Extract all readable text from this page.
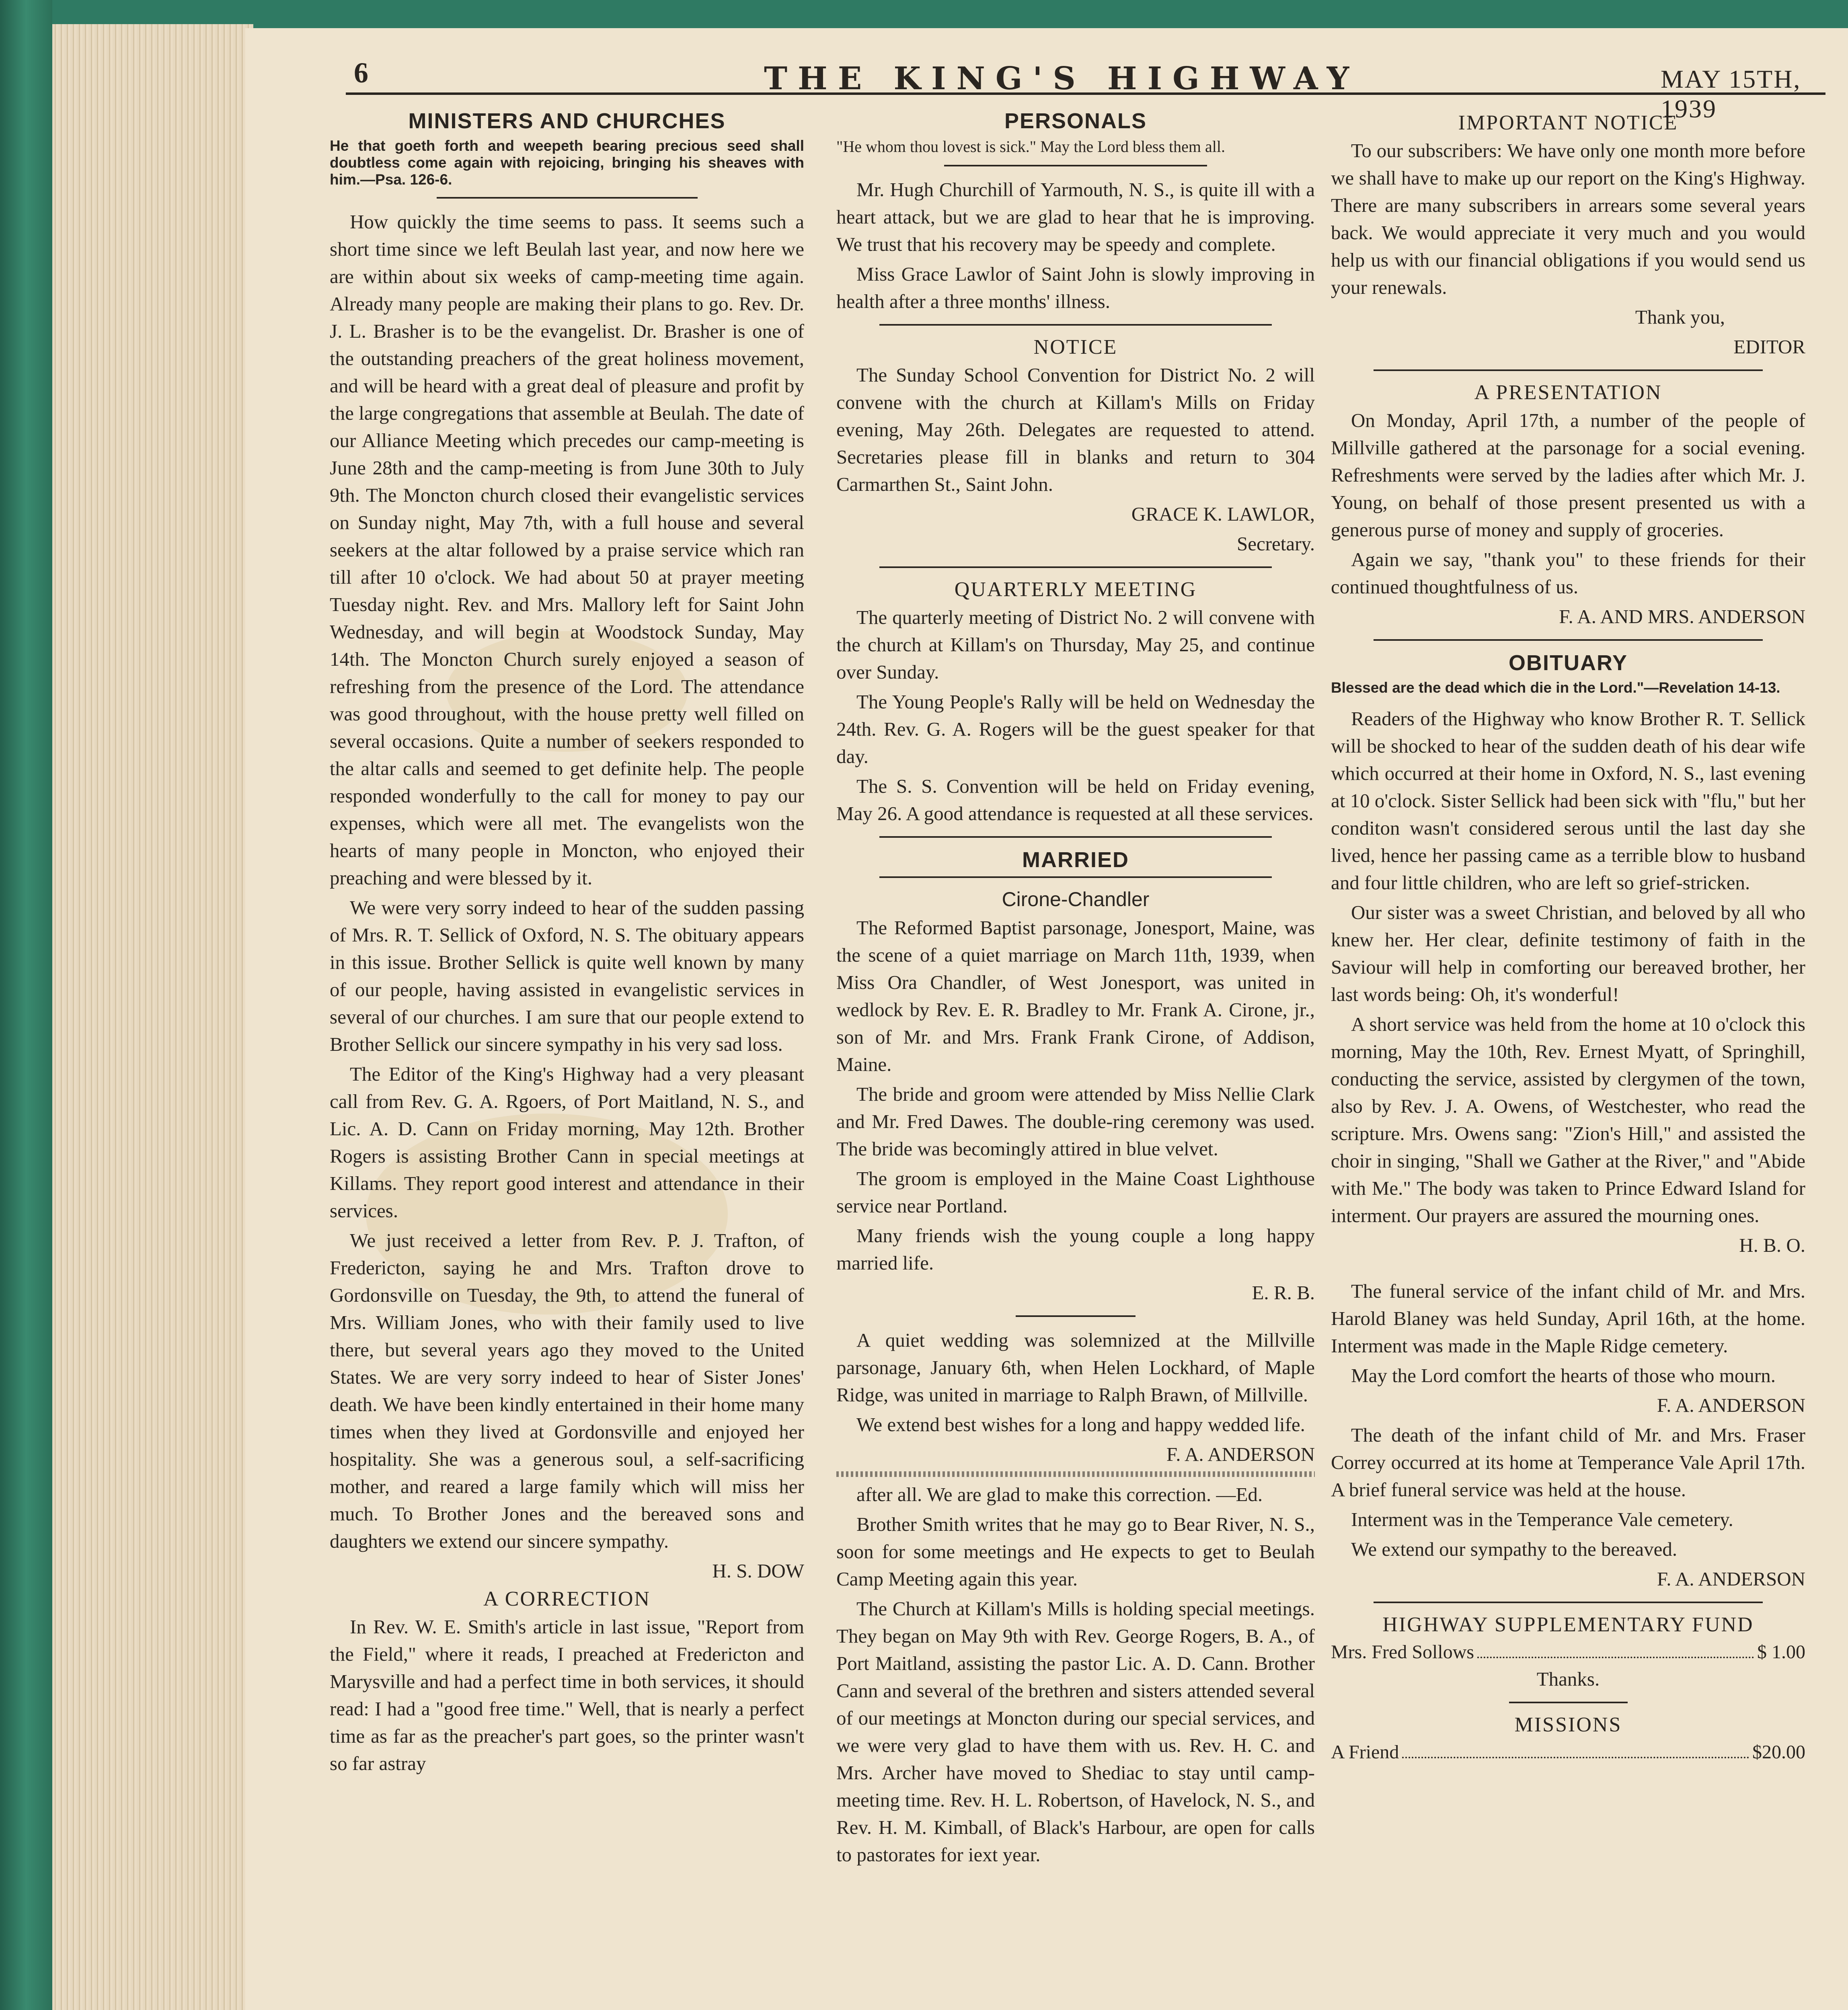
6	THE KING'S HIGHWAY	MAY 15TH, 1939
MINISTERS AND CHURCHES

He that goeth forth and weepeth bearing precious seed shall doubtless come again with rejoicing, bringing his sheaves with him.—Psa. 126-6.

How quickly the time seems to pass. It seems such a short time since we left Beulah last year, and now here we are within about six weeks of camp-meeting time again. Already many people are making their plans to go. Rev. Dr. J. L. Brasher is to be the evangelist. Dr. Brasher is one of the outstanding preachers of the great holiness movement, and will be heard with a great deal of pleasure and profit by the large congregations that assemble at Beulah. The date of our Alliance Meeting which precedes our camp-meeting is June 28th and the camp-meeting is from June 30th to July 9th. The Moncton church closed their evangelistic services on Sunday night, May 7th, with a full house and several seekers at the altar followed by a praise service which ran till after 10 o'clock. We had about 50 at prayer meeting Tuesday night. Rev. and Mrs. Mallory left for Saint John Wednesday, and will begin at Woodstock Sunday, May 14th. The Moncton Church surely enjoyed a season of refreshing from the presence of the Lord. The attendance was good throughout, with the house pretty well filled on several occasions. Quite a number of seekers responded to the altar calls and seemed to get definite help. The people responded wonderfully to the call for money to pay our expenses, which were all met. The evangelists won the hearts of many people in Moncton, who enjoyed their preaching and were blessed by it.

We were very sorry indeed to hear of the sudden passing of Mrs. R. T. Sellick of Oxford, N. S. The obituary appears in this issue. Brother Sellick is quite well known by many of our people, having assisted in evangelistic services in several of our churches. I am sure that our people extend to Brother Sellick our sincere sympathy in his very sad loss.

The Editor of the King's Highway had a very pleasant call from Rev. G. A. Rgoers, of Port Maitland, N. S., and Lic. A. D. Cann on Friday morning, May 12th. Brother Rogers is assisting Brother Cann in special meetings at Killams. They report good interest and attendance in their services.

We just received a letter from Rev. P. J. Trafton, of Fredericton, saying he and Mrs. Trafton drove to Gordonsville on Tuesday, the 9th, to attend the funeral of Mrs. William Jones, who with their family used to live there, but several years ago they moved to the United States. We are very sorry indeed to hear of Sister Jones' death. We have been kindly entertained in their home many times when they lived at Gordonsville and enjoyed her hospitality. She was a generous soul, a self-sacrificing mother, and reared a large family which will miss her much. To Brother Jones and the bereaved sons and daughters we extend our sincere sympathy.

H. S. DOW

A CORRECTION

In Rev. W. E. Smith's article in last issue, "Report from the Field," where it reads, I preached at Fredericton and Marysville and had a perfect time in both services, it should read: I had a "good free time." Well, that is nearly a perfect time as far as the preacher's part goes, so the printer wasn't so far astray

PERSONALS

"He whom thou lovest is sick." May the Lord bless them all.

Mr. Hugh Churchill of Yarmouth, N. S., is quite ill with a heart attack, but we are glad to hear that he is improving. We trust that his recovery may be speedy and complete.

Miss Grace Lawlor of Saint John is slowly improving in health after a three months' illness.

NOTICE

The Sunday School Convention for District No. 2 will convene with the church at Killam's Mills on Friday evening, May 26th. Delegates are requested to attend. Secretaries please fill in blanks and return to 304 Carmarthen St., Saint John.

GRACE K. LAWLOR,

Secretary.

QUARTERLY MEETING

The quarterly meeting of District No. 2 will convene with the church at Killam's on Thursday, May 25, and continue over Sunday.

The Young People's Rally will be held on Wednesday the 24th. Rev. G. A. Rogers will be the guest speaker for that day.

The S. S. Convention will be held on Friday evening, May 26. A good attendance is requested at all these services.

MARRIED
Cirone-Chandler

The Reformed Baptist parsonage, Jonesport, Maine, was the scene of a quiet marriage on March 11th, 1939, when Miss Ora Chandler, of West Jonesport, was united in wedlock by Rev. E. R. Bradley to Mr. Frank A. Cirone, jr., son of Mr. and Mrs. Frank Frank Cirone, of Addison, Maine.

The bride and groom were attended by Miss Nellie Clark and Mr. Fred Dawes. The double-ring ceremony was used. The bride was becomingly attired in blue velvet.

The groom is employed in the Maine Coast Lighthouse service near Portland.

Many friends wish the young couple a long happy married life.

E. R. B.

A quiet wedding was solemnized at the Millville parsonage, January 6th, when Helen Lockhard, of Maple Ridge, was united in marriage to Ralph Brawn, of Millville.

We extend best wishes for a long and happy wedded life.

F. A. ANDERSON

after all. We are glad to make this correction. —Ed.

Brother Smith writes that he may go to Bear River, N. S., soon for some meetings and He expects to get to Beulah Camp Meeting again this year.

The Church at Killam's Mills is holding special meetings. They began on May 9th with Rev. George Rogers, B. A., of Port Maitland, assisting the pastor Lic. A. D. Cann. Brother Cann and several of the brethren and sisters attended several of our meetings at Moncton during our special services, and we were very glad to have them with us. Rev. H. C. and Mrs. Archer have moved to Shediac to stay until camp-meeting time. Rev. H. L. Robertson, of Havelock, N. S., and Rev. H. M. Kimball, of Black's Harbour, are open for calls to pastorates for iext year.

IMPORTANT NOTICE

To our subscribers: We have only one month more before we shall have to make up our report on the King's Highway. There are many subscribers in arrears some several years back. We would appreciate it very much and you would help us with our financial obligations if you would send us your renewals.

Thank you,

EDITOR

A PRESENTATION

On Monday, April 17th, a number of the people of Millville gathered at the parsonage for a social evening. Refreshments were served by the ladies after which Mr. J. Young, on behalf of those present presented us with a generous purse of money and supply of groceries.

Again we say, "thank you" to these friends for their continued thoughtfulness of us.

F. A. AND MRS. ANDERSON

OBITUARY

Blessed are the dead which die in the Lord."—Revelation 14-13.

Readers of the Highway who know Brother R. T. Sellick will be shocked to hear of the sudden death of his dear wife which occurred at their home in Oxford, N. S., last evening at 10 o'clock. Sister Sellick had been sick with "flu," but her conditon wasn't considered serous until the last day she lived, hence her passing came as a terrible blow to husband and four little children, who are left so grief-stricken.

Our sister was a sweet Christian, and beloved by all who knew her. Her clear, definite testimony of faith in the Saviour will help in comforting our bereaved brother, her last words being: Oh, it's wonderful!

A short service was held from the home at 10 o'clock this morning, May the 10th, Rev. Ernest Myatt, of Springhill, conducting the service, assisted by clergymen of the town, also by Rev. J. A. Owens, of Westchester, who read the scripture. Mrs. Owens sang: "Zion's Hill," and assisted the choir in singing, "Shall we Gather at the River," and "Abide with Me." The body was taken to Prince Edward Island for interment. Our prayers are assured the mourning ones.

H. B. O.

The funeral service of the infant child of Mr. and Mrs. Harold Blaney was held Sunday, April 16th, at the home. Interment was made in the Maple Ridge cemetery.

May the Lord comfort the hearts of those who mourn.

F. A. ANDERSON

The death of the infant child of Mr. and Mrs. Fraser Correy occurred at its home at Temperance Vale April 17th. A brief funeral service was held at the house.

Interment was in the Temperance Vale cemetery.

We extend our sympathy to the bereaved.

F. A. ANDERSON

HIGHWAY SUPPLEMENTARY FUND
Mrs. Fred Sollows	$ 1.00

Thanks.

MISSIONS
A Friend	$20.00
